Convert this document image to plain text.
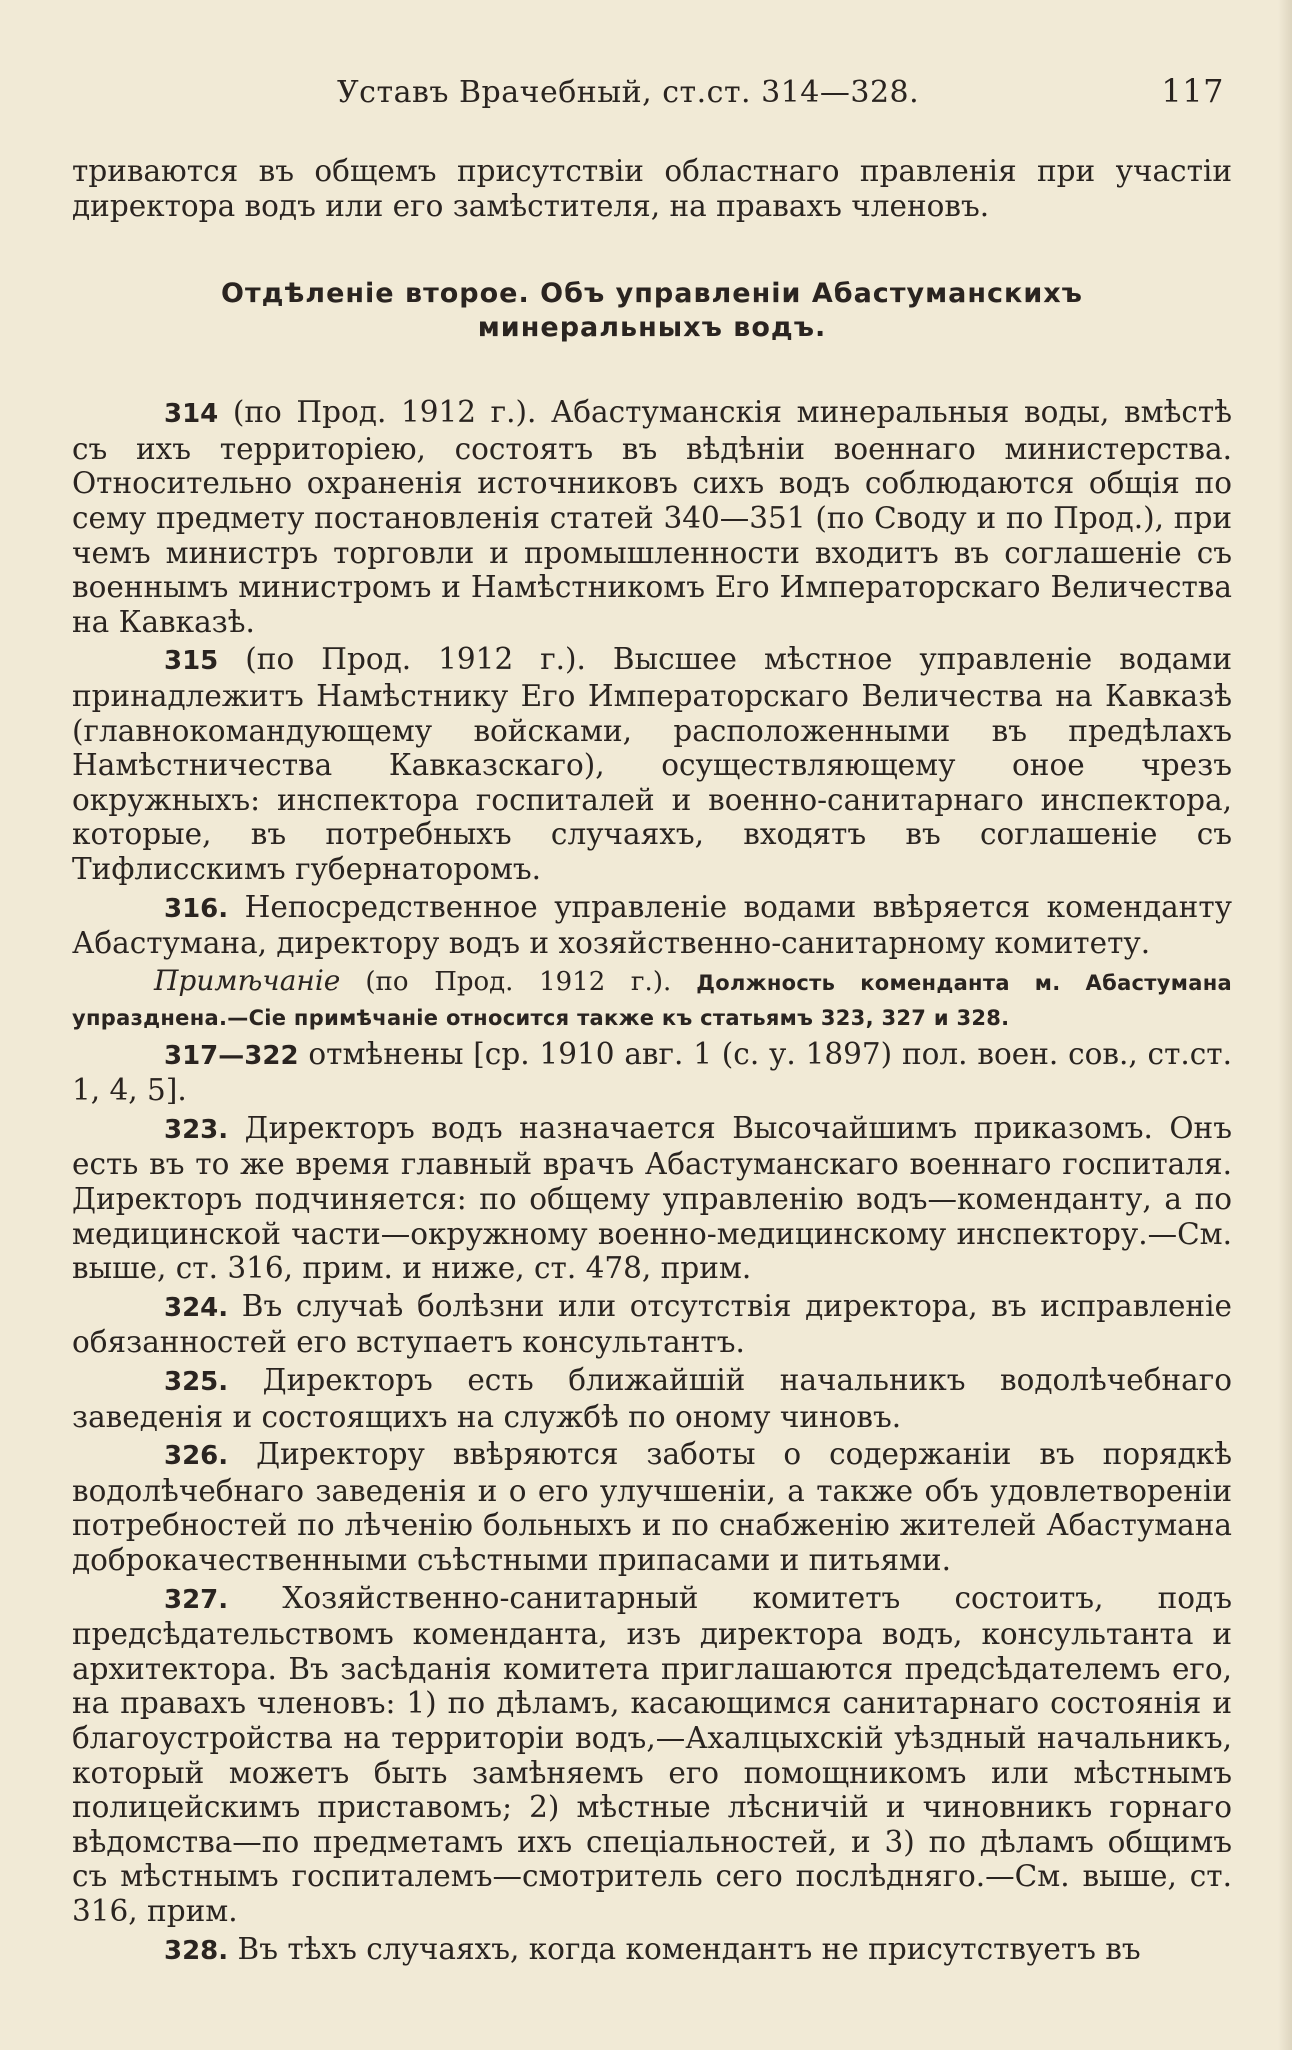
Уставъ Врачебный, ст.ст. 314—328.	117

триваются въ общемъ присутствіи областнаго правленія при участіи директора водъ или его замѣстителя, на правахъ членовъ.

Отдѣленіе второе. Объ управленіи Абастуманскихъ минеральныхъ водъ.

314 (по Прод. 1912 г.). Абастуманскія минеральныя воды, вмѣстѣ съ ихъ территоріею, состоятъ въ вѣдѣніи военнаго министерства. Относительно охраненія источниковъ сихъ водъ соблюдаются общія по сему предмету постановленія статей 340—351 (по Своду и по Прод.), при чемъ министръ торговли и промышленности входитъ въ соглашеніе съ военнымъ министромъ и Намѣстникомъ Его Императорскаго Величества на Кавказѣ.

315 (по Прод. 1912 г.). Высшее мѣстное управленіе водами принадлежитъ Намѣстнику Его Императорскаго Величества на Кавказѣ (главнокомандующему войсками, расположенными въ предѣлахъ Намѣстничества Кавказскаго), осуществляющему оное чрезъ окружныхъ: инспектора госпиталей и военно-санитарнаго инспектора, которые, въ потребныхъ случаяхъ, входятъ въ соглашеніе съ Тифлисскимъ губернаторомъ.

316. Непосредственное управленіе водами ввѣряется коменданту Абастумана, директору водъ и хозяйственно-санитарному комитету.

Примѣчаніе (по Прод. 1912 г.). Должность коменданта м. Абастумана упразднена.—Сіе примѣчаніе относится также къ статьямъ 323, 327 и 328.

317—322 отмѣнены [ср. 1910 авг. 1 (с. у. 1897) пол. воен. сов., ст.ст. 1, 4, 5].

323. Директоръ водъ назначается Высочайшимъ приказомъ. Онъ есть въ то же время главный врачъ Абастуманскаго военнаго госпиталя. Директоръ подчиняется: по общему управленію водъ—коменданту, а по медицинской части—окружному военно-медицинскому инспектору.—См. выше, ст. 316, прим. и ниже, ст. 478, прим.

324. Въ случаѣ болѣзни или отсутствія директора, въ исправленіе обязанностей его вступаетъ консультантъ.

325. Директоръ есть ближайшій начальникъ водолѣчебнаго заведенія и состоящихъ на службѣ по оному чиновъ.

326. Директору ввѣряются заботы о содержаніи въ порядкѣ водолѣчебнаго заведенія и о его улучшеніи, а также объ удовлетвореніи потребностей по лѣченію больныхъ и по снабженію жителей Абастумана доброкачественными съѣстными припасами и питьями.

327. Хозяйственно-санитарный комитетъ состоитъ, подъ предсѣдательствомъ коменданта, изъ директора водъ, консультанта и архитектора. Въ засѣданія комитета приглашаются предсѣдателемъ его, на правахъ членовъ: 1) по дѣламъ, касающимся санитарнаго состоянія и благоустройства на территоріи водъ,—Ахалцыхскій уѣздный начальникъ, который можетъ быть замѣняемъ его помощникомъ или мѣстнымъ полицейскимъ приставомъ; 2) мѣстные лѣсничій и чиновникъ горнаго вѣдомства—по предметамъ ихъ спеціальностей, и 3) по дѣламъ общимъ съ мѣстнымъ госпиталемъ—смотритель сего послѣдняго.—См. выше, ст. 316, прим.

328. Въ тѣхъ случаяхъ, когда комендантъ не присутствуетъ въ
